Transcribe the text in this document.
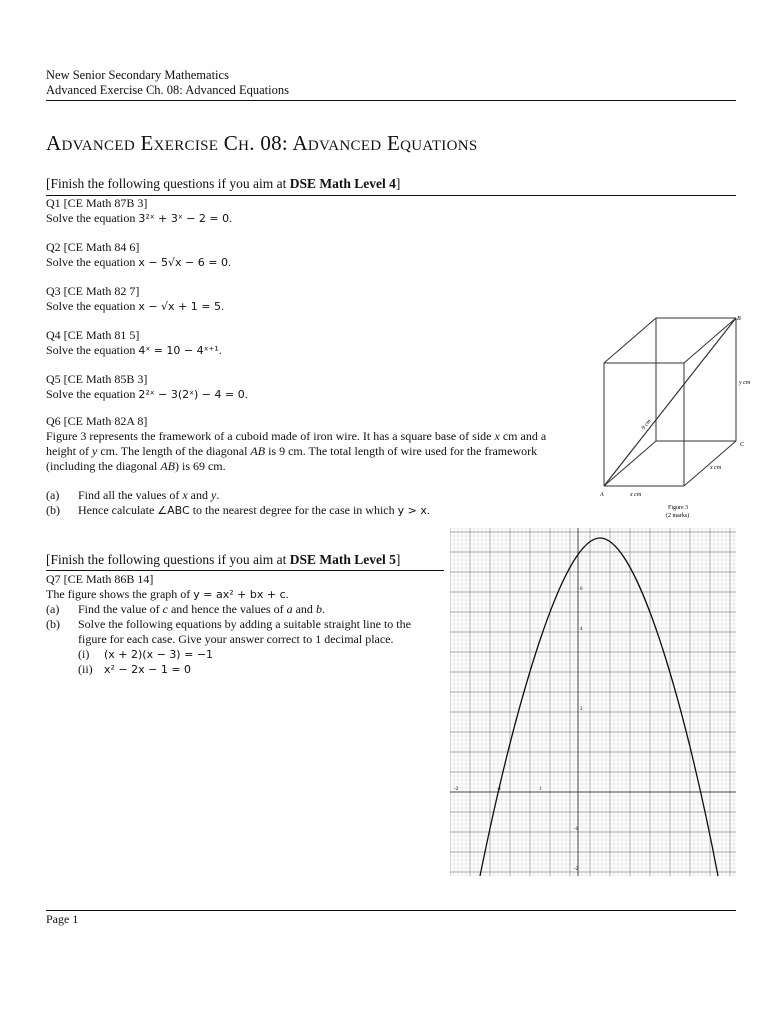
New Senior Secondary Mathematics
Advanced Exercise Ch. 08: Advanced Equations
Advanced Exercise Ch. 08: Advanced Equations
[Finish the following questions if you aim at DSE Math Level 4]
Q1 [CE Math 87B 3]
Solve the equation 3²ˣ + 3ˣ − 2 = 0.
Q2 [CE Math 84 6]
Solve the equation x − 5√x − 6 = 0.
Q3 [CE Math 82 7]
Solve the equation x − √x + 1 = 5.
Q4 [CE Math 81 5]
Solve the equation 4ˣ = 10 − 4ˣ⁺¹.
Q5 [CE Math 85B 3]
Solve the equation 2²ˣ − 3(2ˣ) − 4 = 0.
Q6 [CE Math 82A 8]
Figure 3 represents the framework of a cuboid made of iron wire. It has a square base of side x cm and a
height of y cm. The length of the diagonal AB is 9 cm. The total length of wire used for the framework
(including the diagonal AB) is 69 cm.
(a) Find all the values of x and y.
(b) Hence calculate ∠ABC to the nearest degree for the case in which y > x.
B
C
A
y cm
x cm
x cm
9 cm
Figure 3
(2 marks)
[Finish the following questions if you aim at DSE Math Level 5]
Q7 [CE Math 86B 14]
The figure shows the graph of y = ax² + bx + c.
(a) Find the value of c and hence the values of a and b.
(b) Solve the following equations by adding a suitable straight line to the
figure for each case. Give your answer correct to 1 decimal place.
(i) (x + 2)(x − 3) = −1
(ii) x² − 2x − 1 = 0
-2	-1	1
6
4
2
-1
-2
Page 1
